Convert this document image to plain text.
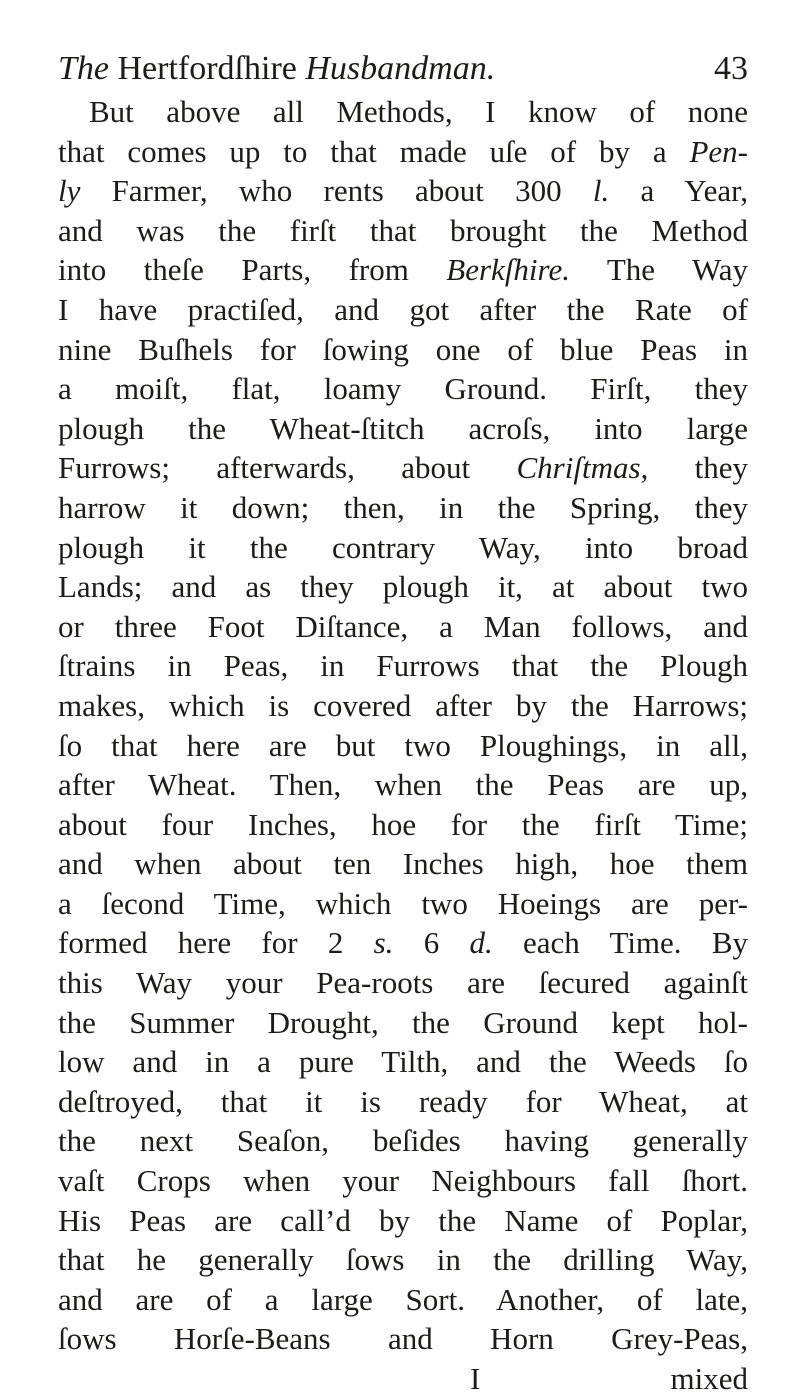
The Hertfordſhire Husbandman.	43
But above all Methods, I know of none
that comes up to that made uſe of by a Pen-
ly Farmer, who rents about 300 l. a Year,
and was the firſt that brought the Method
into theſe Parts, from Berkſhire. The Way
I have practiſed, and got after the Rate of
nine Buſhels for ſowing one of blue Peas in
a moiſt, flat, loamy Ground. Firſt, they
plough the Wheat-ſtitch acroſs, into large
Furrows; afterwards, about Chriſtmas, they
harrow it down; then, in the Spring, they
plough it the contrary Way, into broad
Lands; and as they plough it, at about two
or three Foot Diſtance, a Man follows, and
ſtrains in Peas, in Furrows that the Plough
makes, which is covered after by the Harrows;
ſo that here are but two Ploughings, in all,
after Wheat. Then, when the Peas are up,
about four Inches, hoe for the firſt Time;
and when about ten Inches high, hoe them
a ſecond Time, which two Hoeings are per-
formed here for 2 s. 6 d. each Time. By
this Way your Pea-roots are ſecured againſt
the Summer Drought, the Ground kept hol-
low and in a pure Tilth, and the Weeds ſo
deſtroyed, that it is ready for Wheat, at
the next Seaſon, beſides having generally
vaſt Crops when your Neighbours fall ſhort.
His Peas are call’d by the Name of Poplar,
that he generally ſows in the drilling Way,
and are of a large Sort. Another, of late,
ſows Horſe-Beans and Horn Grey-Peas,
I	mixed
